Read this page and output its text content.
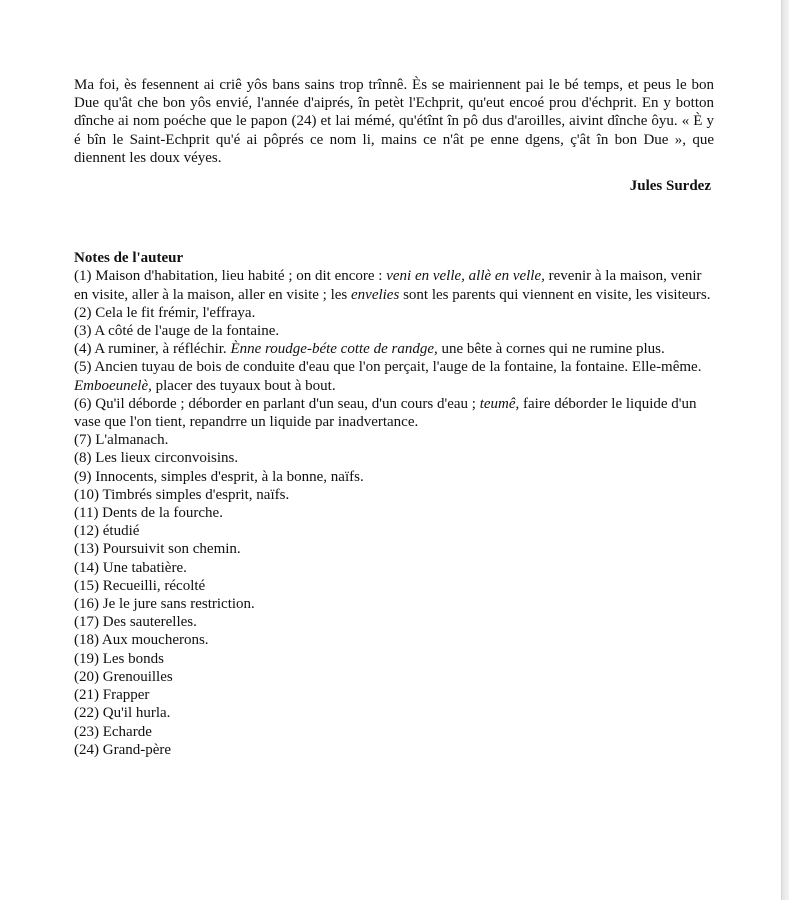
Ma foi, ès fesennent ai criê yôs bans sains trop trînnê. Ès se mairiennent pai le bé temps, et peus le bon Due qu'ât che bon yôs envié, l'année d'aiprés, în petèt l'Echprit, qu'eut encoé prou d'échprit. En y botton dînche ai nom poéche que le papon (24) et lai mémé, qu'étînt în pô dus d'aroilles, aivint dînche ôyu. « È y é bîn le Saint-Echprit qu'é ai pôprés ce nom li, mains ce n'ât pe enne dgens, ç'ât în bon Due », que diennent les doux véyes.

Jules Surdez

Notes de l'auteur

(1) Maison d'habitation, lieu habité ; on dit encore : veni en velle, allè en velle, revenir à la maison, venir en visite, aller à la maison, aller en visite ; les envelies sont les parents qui viennent en visite, les visiteurs.

(2) Cela le fit frémir, l'effraya.

(3) A côté de l'auge de la fontaine.

(4) A ruminer, à réfléchir. Ènne roudge-béte cotte de randge, une bête à cornes qui ne rumine plus.

(5) Ancien tuyau de bois de conduite d'eau que l'on perçait, l'auge de la fontaine, la fontaine. Elle-même. Emboeunelè, placer des tuyaux bout à bout.

(6) Qu'il déborde ; déborder en parlant d'un seau, d'un cours d'eau ; teumê, faire déborder le liquide d'un vase que l'on tient, repandrre un liquide par inadvertance.

(7) L'almanach.

(8) Les lieux circonvoisins.

(9) Innocents, simples d'esprit, à la bonne, naïfs.

(10) Timbrés simples d'esprit, naïfs.

(11) Dents de la fourche.

(12) étudié

(13) Poursuivit son chemin.

(14) Une tabatière.

(15) Recueilli, récolté

(16) Je le jure sans restriction.

(17) Des sauterelles.

(18) Aux moucherons.

(19) Les bonds

(20) Grenouilles

(21) Frapper

(22) Qu'il hurla.

(23) Echarde

(24) Grand-père
